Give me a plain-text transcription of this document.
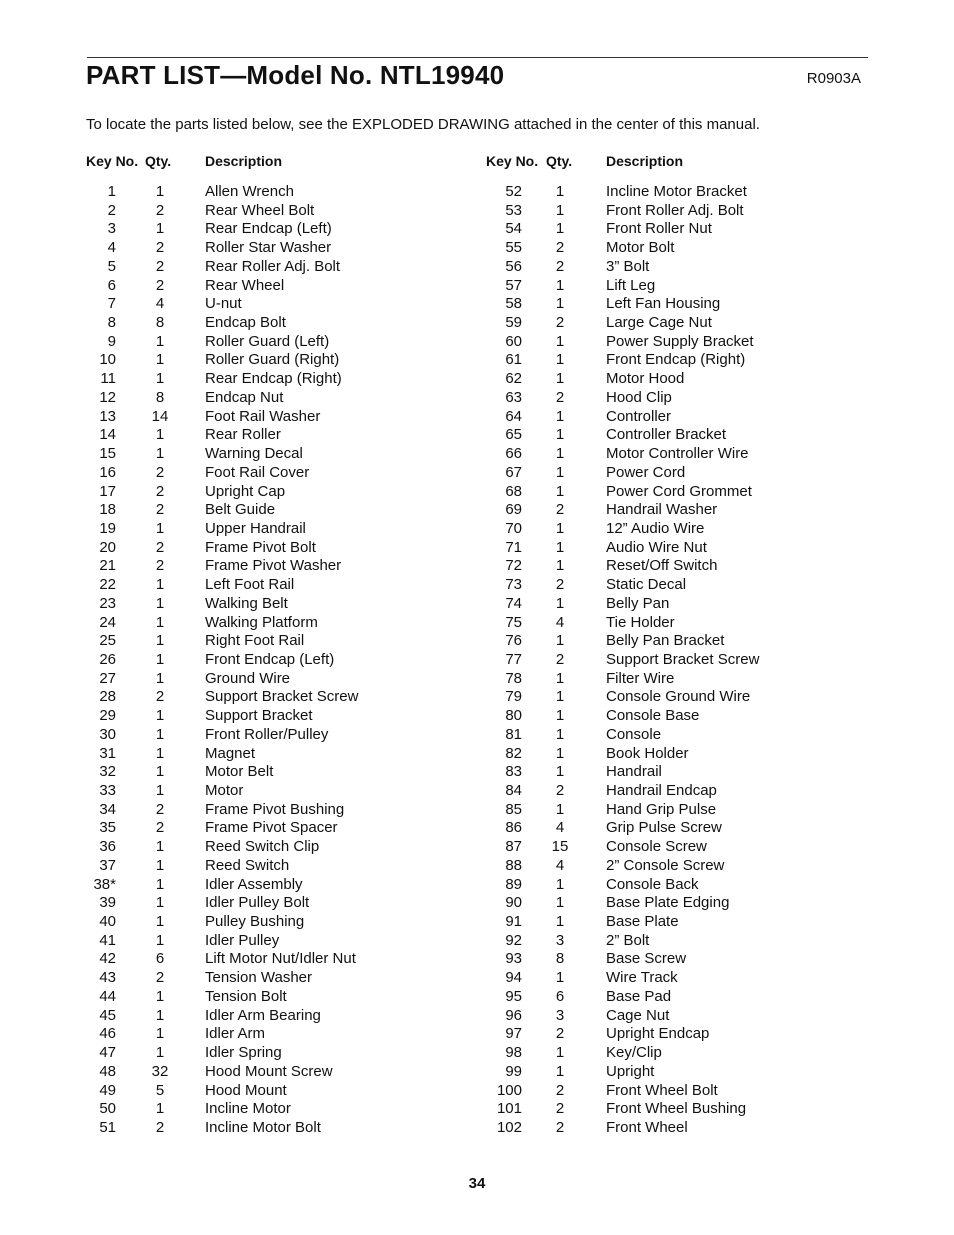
PART LIST—Model No. NTL19940	R0903A
To locate the parts listed below, see the EXPLODED DRAWING attached in the center of this manual.
Key No. Qty. Description	Key No. Qty. Description
1	1	Allen Wrench
2	2	Rear Wheel Bolt
3	1	Rear Endcap (Left)
4	2	Roller Star Washer
5	2	Rear Roller Adj. Bolt
6	2	Rear Wheel
7	4	U-nut
8	8	Endcap Bolt
9	1	Roller Guard (Left)
10	1	Roller Guard (Right)
11	1	Rear Endcap (Right)
12	8	Endcap Nut
13	14	Foot Rail Washer
14	1	Rear Roller
15	1	Warning Decal
16	2	Foot Rail Cover
17	2	Upright Cap
18	2	Belt Guide
19	1	Upper Handrail
20	2	Frame Pivot Bolt
21	2	Frame Pivot Washer
22	1	Left Foot Rail
23	1	Walking Belt
24	1	Walking Platform
25	1	Right Foot Rail
26	1	Front Endcap (Left)
27	1	Ground Wire
28	2	Support Bracket Screw
29	1	Support Bracket
30	1	Front Roller/Pulley
31	1	Magnet
32	1	Motor Belt
33	1	Motor
34	2	Frame Pivot Bushing
35	2	Frame Pivot Spacer
36	1	Reed Switch Clip
37	1	Reed Switch
38*	1	Idler Assembly
39	1	Idler Pulley Bolt
40	1	Pulley Bushing
41	1	Idler Pulley
42	6	Lift Motor Nut/Idler Nut
43	2	Tension Washer
44	1	Tension Bolt
45	1	Idler Arm Bearing
46	1	Idler Arm
47	1	Idler Spring
48	32	Hood Mount Screw
49	5	Hood Mount
50	1	Incline Motor
51	2	Incline Motor Bolt
52	1	Incline Motor Bracket
53	1	Front Roller Adj. Bolt
54	1	Front Roller Nut
55	2	Motor Bolt
56	2	3” Bolt
57	1	Lift Leg
58	1	Left Fan Housing
59	2	Large Cage Nut
60	1	Power Supply Bracket
61	1	Front Endcap (Right)
62	1	Motor Hood
63	2	Hood Clip
64	1	Controller
65	1	Controller Bracket
66	1	Motor Controller Wire
67	1	Power Cord
68	1	Power Cord Grommet
69	2	Handrail Washer
70	1	12” Audio Wire
71	1	Audio Wire Nut
72	1	Reset/Off Switch
73	2	Static Decal
74	1	Belly Pan
75	4	Tie Holder
76	1	Belly Pan Bracket
77	2	Support Bracket Screw
78	1	Filter Wire
79	1	Console Ground Wire
80	1	Console Base
81	1	Console
82	1	Book Holder
83	1	Handrail
84	2	Handrail Endcap
85	1	Hand Grip Pulse
86	4	Grip Pulse Screw
87	15	Console Screw
88	4	2” Console Screw
89	1	Console Back
90	1	Base Plate Edging
91	1	Base Plate
92	3	2” Bolt
93	8	Base Screw
94	1	Wire Track
95	6	Base Pad
96	3	Cage Nut
97	2	Upright Endcap
98	1	Key/Clip
99	1	Upright
100	2	Front Wheel Bolt
101	2	Front Wheel Bushing
102	2	Front Wheel
34
